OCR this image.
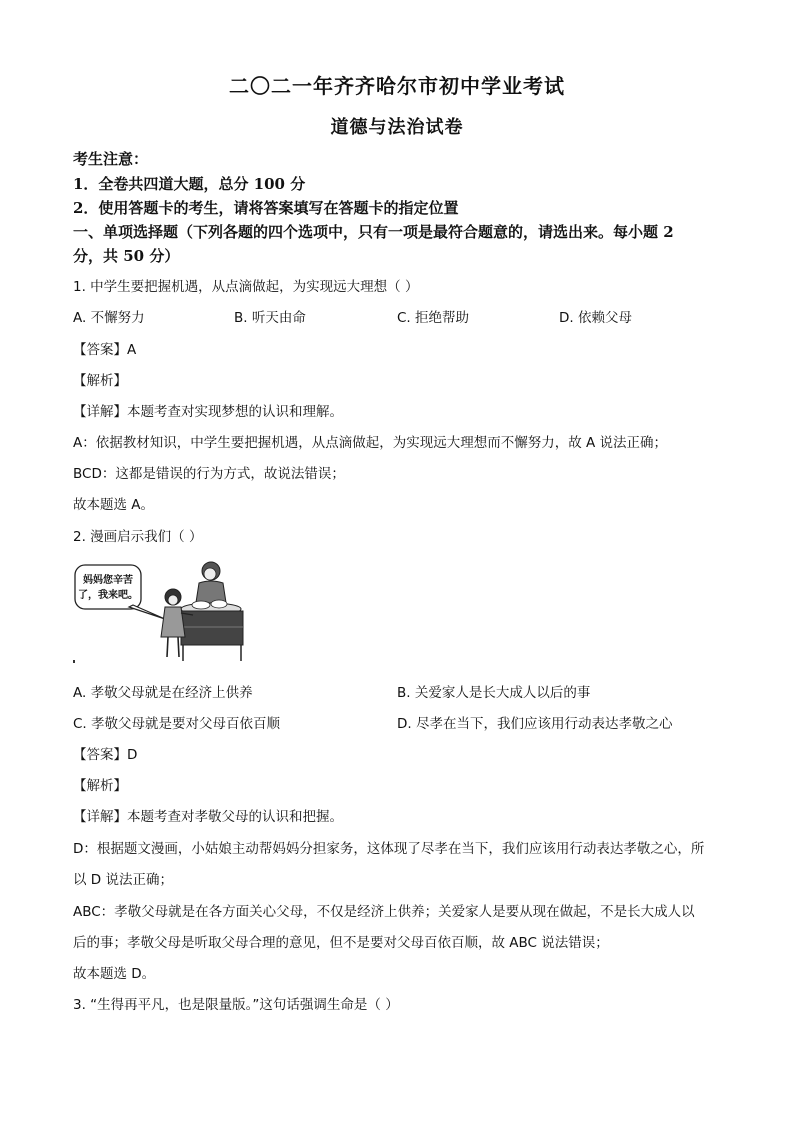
二〇二一年齐齐哈尔市初中学业考试
道德与法治试卷
考生注意：
1．全卷共四道大题，总分 100 分
2．使用答题卡的考生，请将答案填写在答题卡的指定位置
一、单项选择题（下列各题的四个选项中，只有一项是最符合题意的，请选出来。每小题 2
分，共 50 分）
1. 中学生要把握机遇，从点滴做起，为实现远大理想（ ）
A. 不懈努力	B. 听天由命	C. 拒绝帮助	D. 依赖父母
【答案】A
【解析】
【详解】本题考查对实现梦想的认识和理解。
A：依据教材知识，中学生要把握机遇，从点滴做起，为实现远大理想而不懈努力，故 A 说法正确；
BCD：这都是错误的行为方式，故说法错误；
故本题选 A。
2. 漫画启示我们（ ）
妈妈您辛苦
了，我来吧。
A. 孝敬父母就是在经济上供养	B. 关爱家人是长大成人以后的事
C. 孝敬父母就是要对父母百依百顺	D. 尽孝在当下，我们应该用行动表达孝敬之心
【答案】D
【解析】
【详解】本题考查对孝敬父母的认识和把握。
D：根据题文漫画，小姑娘主动帮妈妈分担家务，这体现了尽孝在当下，我们应该用行动表达孝敬之心，所
以 D 说法正确；
ABC：孝敬父母就是在各方面关心父母，不仅是经济上供养；关爱家人是要从现在做起，不是长大成人以
后的事；孝敬父母是听取父母合理的意见，但不是要对父母百依百顺，故 ABC 说法错误；
故本题选 D。
3. “生得再平凡，也是限量版。”这句话强调生命是（ ）
